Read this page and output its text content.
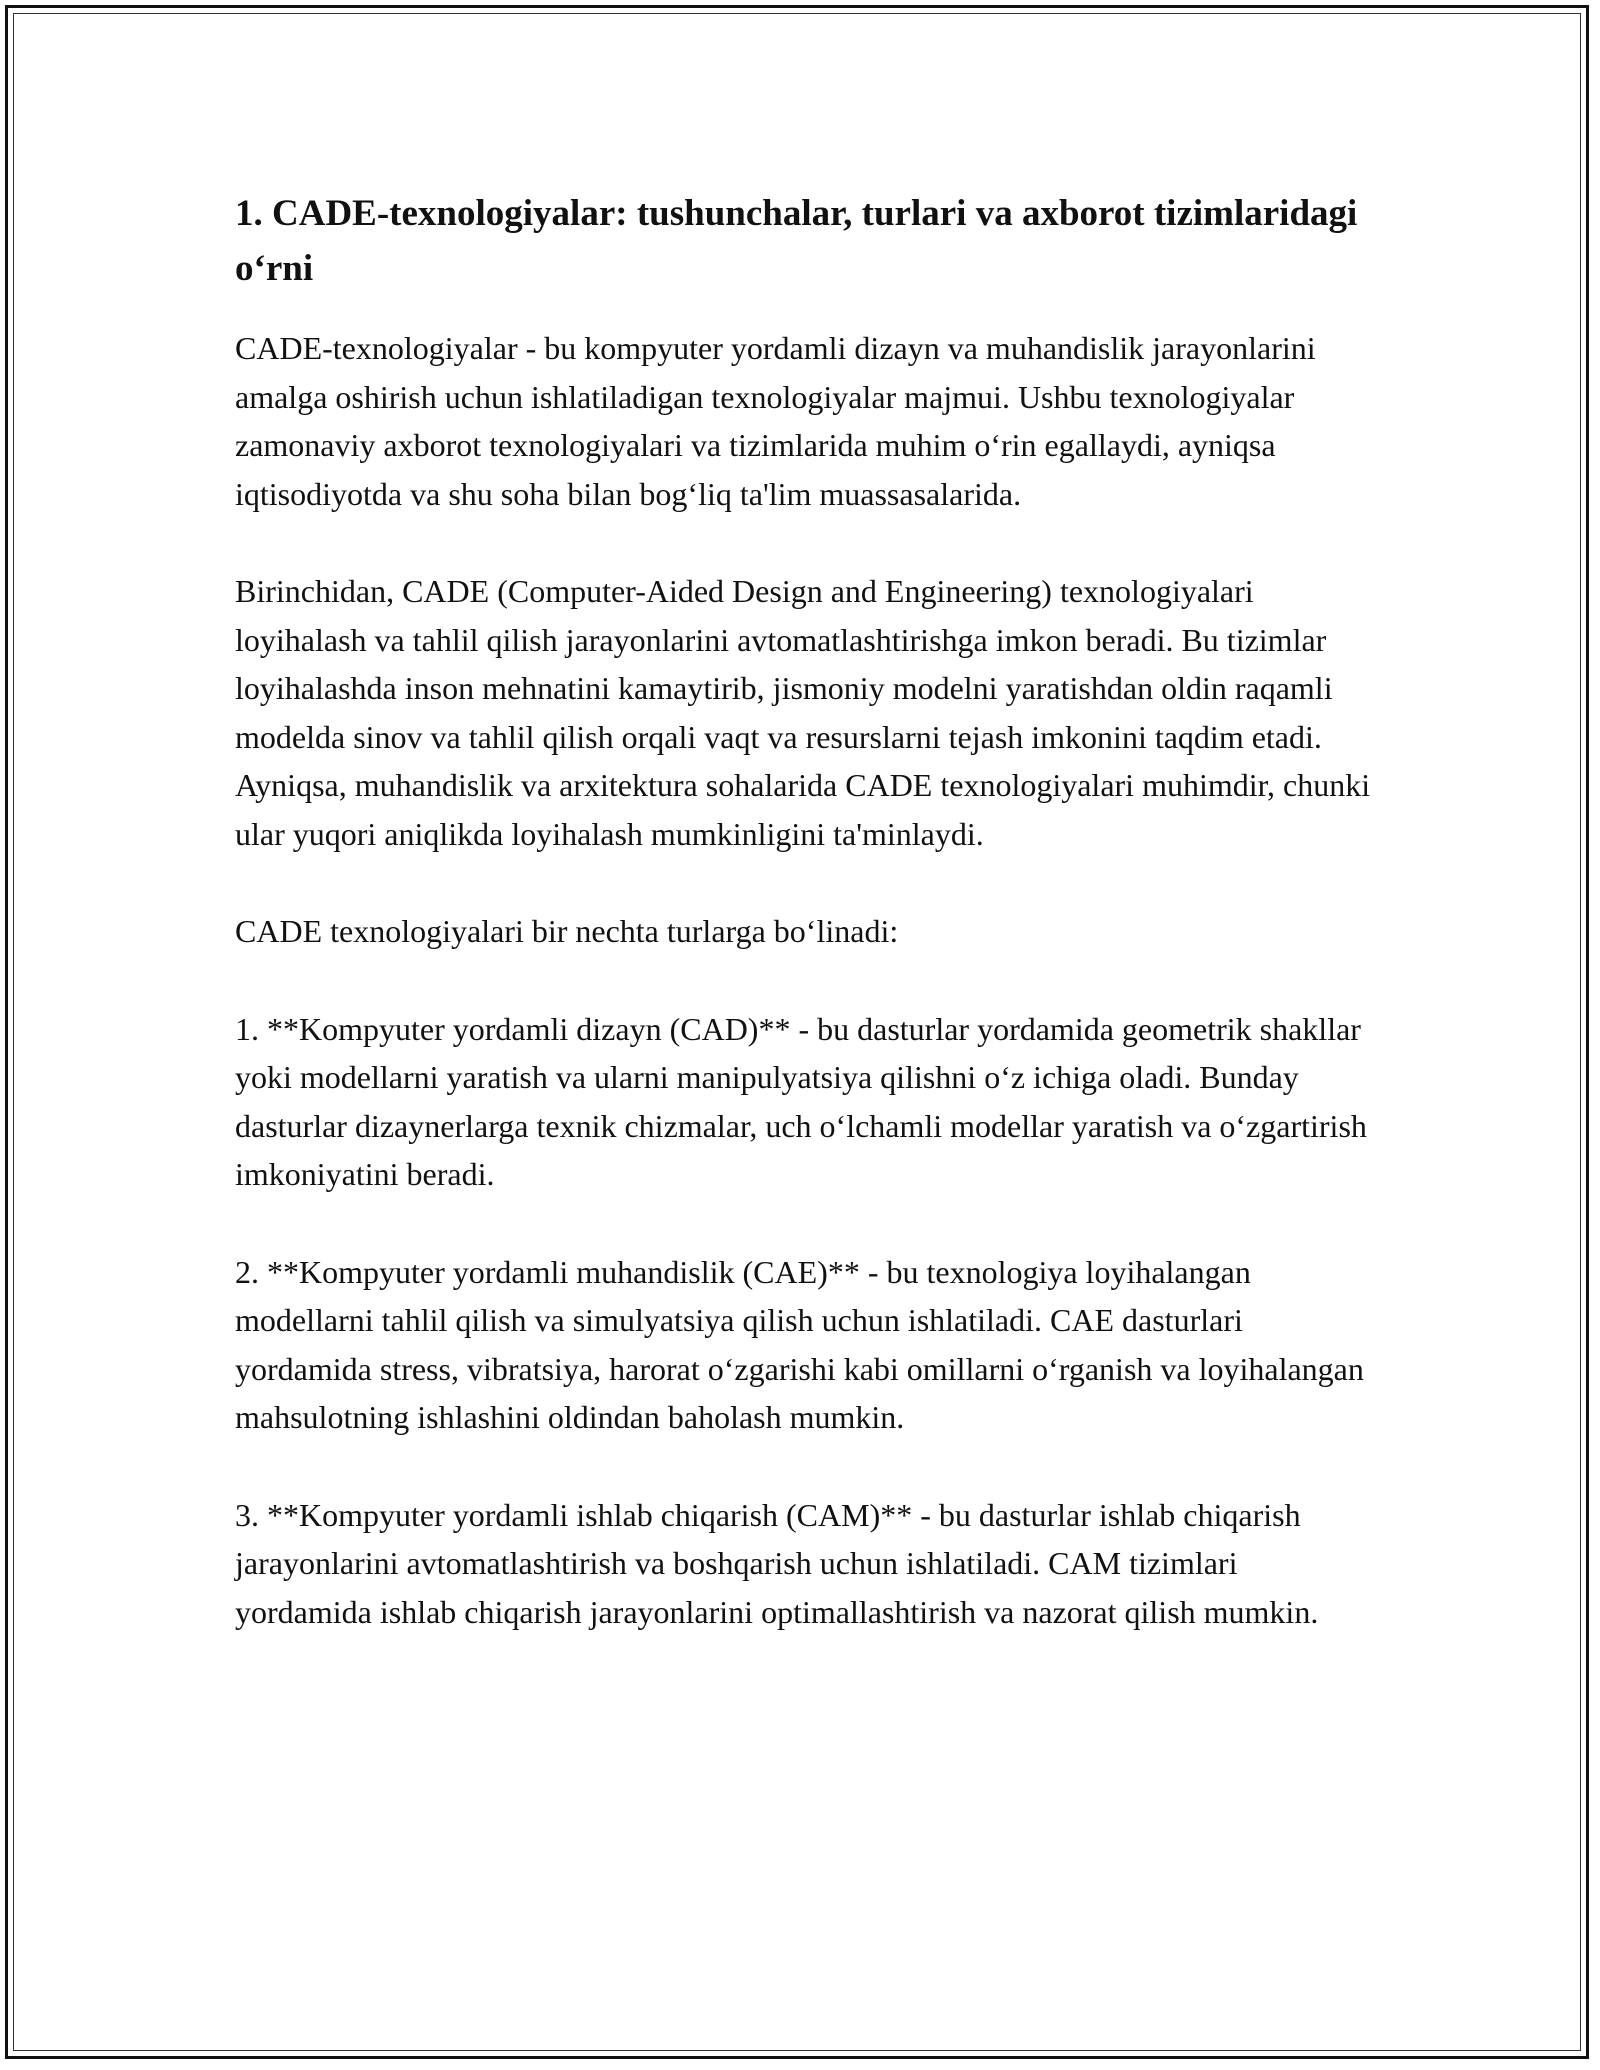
1. CADE-texnologiyalar: tushunchalar, turlari va axborot tizimlaridagi o‘rni

CADE-texnologiyalar - bu kompyuter yordamli dizayn va muhandislik jarayonlarini amalga oshirish uchun ishlatiladigan texnologiyalar majmui. Ushbu texnologiyalar zamonaviy axborot texnologiyalari va tizimlarida muhim o‘rin egallaydi, ayniqsa iqtisodiyotda va shu soha bilan bog‘liq ta'lim muassasalarida.

Birinchidan, CADE (Computer-Aided Design and Engineering) texnologiyalari loyihalash va tahlil qilish jarayonlarini avtomatlashtirishga imkon beradi. Bu tizimlar loyihalashda inson mehnatini kamaytirib, jismoniy modelni yaratishdan oldin raqamli modelda sinov va tahlil qilish orqali vaqt va resurslarni tejash imkonini taqdim etadi. Ayniqsa, muhandislik va arxitektura sohalarida CADE texnologiyalari muhimdir, chunki ular yuqori aniqlikda loyihalash mumkinligini ta'minlaydi.

CADE texnologiyalari bir nechta turlarga bo‘linadi:

1. **Kompyuter yordamli dizayn (CAD)** - bu dasturlar yordamida geometrik shakllar yoki modellarni yaratish va ularni manipulyatsiya qilishni o‘z ichiga oladi. Bunday dasturlar dizaynerlarga texnik chizmalar, uch o‘lchamli modellar yaratish va o‘zgartirish imkoniyatini beradi.

2. **Kompyuter yordamli muhandislik (CAE)** - bu texnologiya loyihalangan modellarni tahlil qilish va simulyatsiya qilish uchun ishlatiladi. CAE dasturlari yordamida stress, vibratsiya, harorat o‘zgarishi kabi omillarni o‘rganish va loyihalangan mahsulotning ishlashini oldindan baholash mumkin.

3. **Kompyuter yordamli ishlab chiqarish (CAM)** - bu dasturlar ishlab chiqarish jarayonlarini avtomatlashtirish va boshqarish uchun ishlatiladi. CAM tizimlari yordamida ishlab chiqarish jarayonlarini optimallashtirish va nazorat qilish mumkin.
